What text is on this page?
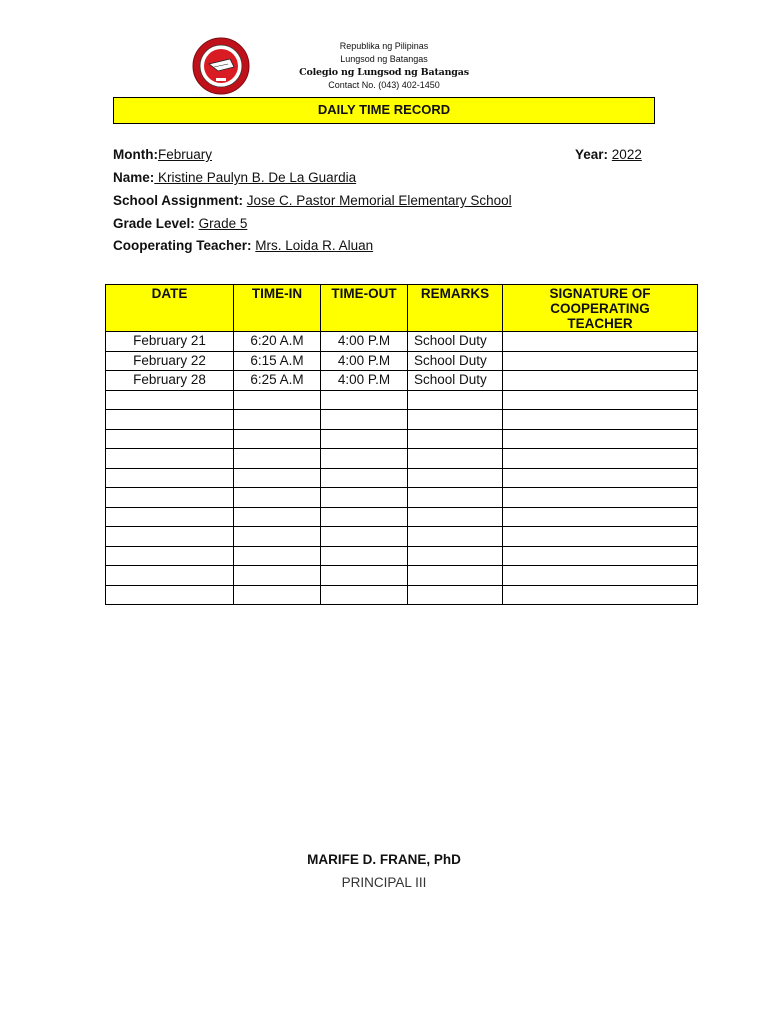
Republika ng Pilipinas
Lungsod ng Batangas
Colegio ng Lungsod ng Batangas
Contact No. (043) 402-1450
DAILY TIME RECORD
Month:February	Year: 2022
Name: Kristine Paulyn B. De La Guardia
School Assignment: Jose C. Pastor Memorial Elementary School
Grade Level: Grade 5
Cooperating Teacher: Mrs. Loida R. Aluan
DATE	TIME-IN	TIME-OUT	REMARKS	SIGNATURE OF COOPERATING TEACHER
February 21	6:20 A.M	4:00 P.M	School Duty	
February 22	6:15 A.M	4:00 P.M	School Duty	
February 28	6:25 A.M	4:00 P.M	School Duty	

MARIFE D. FRANE, PhD
PRINCIPAL III
